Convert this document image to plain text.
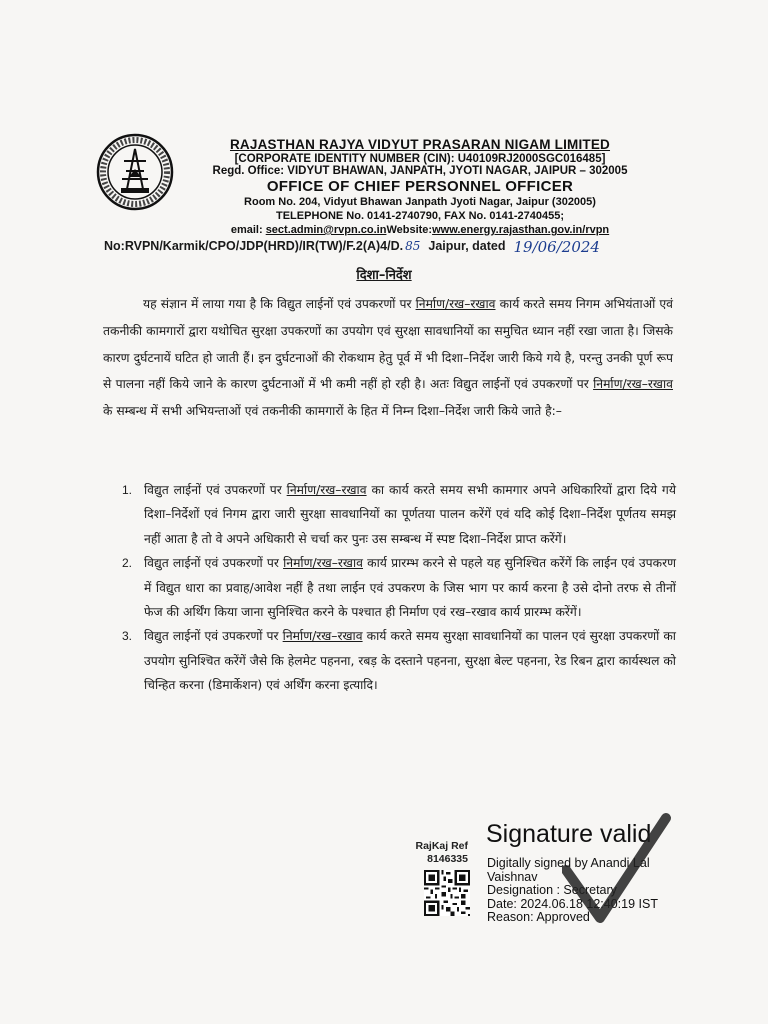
RAJASTHAN RAJYA VIDYUT PRASARAN NIGAM LIMITED
[CORPORATE IDENTITY NUMBER (CIN): U40109RJ2000SGC016485]
Regd. Office: VIDYUT BHAWAN, JANPATH, JYOTI NAGAR, JAIPUR – 302005
OFFICE OF CHIEF PERSONNEL OFFICER
Room No. 204, Vidyut Bhawan Janpath Jyoti Nagar, Jaipur (302005)
TELEPHONE No. 0141-2740790, FAX No. 0141-2740455;
email: sect.admin@rvpn.co.inWebsite:www.energy.rajasthan.gov.in/rvpn
No:RVPN/Karmik/CPO/JDP(HRD)/IR(TW)/F.2(A)4/D. 85 Jaipur, dated 19/06/2024
दिशा–निर्देश
यह संज्ञान में लाया गया है कि विद्युत लाईनों एवं उपकरणों पर निर्माण/रख–रखाव कार्य करते समय निगम अभियंताओं एवं तकनीकी कामगारों द्वारा यथोचित सुरक्षा उपकरणों का उपयोग एवं सुरक्षा सावधानियों का समुचित ध्यान नहीं रखा जाता है। जिसके कारण दुर्घटनायें घटित हो जाती हैं। इन दुर्घटनाओं की रोकथाम हेतु पूर्व में भी दिशा–निर्देश जारी किये गये है, परन्तु उनकी पूर्ण रूप से पालना नहीं किये जाने के कारण दुर्घटनाओं में भी कमी नहीं हो रही है। अतः विद्युत लाईनों एवं उपकरणों पर निर्माण/रख–रखाव के सम्बन्ध में सभी अभियन्ताओं एवं तकनीकी कामगारों के हित में निम्न दिशा–निर्देश जारी किये जाते है:–
1. विद्युत लाईनों एवं उपकरणों पर निर्माण/रख–रखाव का कार्य करते समय सभी कामगार अपने अधिकारियों द्वारा दिये गये दिशा–निर्देशों एवं निगम द्वारा जारी सुरक्षा सावधानियों का पूर्णतया पालन करेंगें एवं यदि कोई दिशा–निर्देश पूर्णतय समझ नहीं आता है तो वे अपने अधिकारी से चर्चा कर पुनः उस सम्बन्ध में स्पष्ट दिशा–निर्देश प्राप्त करेंगें।
2. विद्युत लाईनों एवं उपकरणों पर निर्माण/रख–रखाव कार्य प्रारम्भ करने से पहले यह सुनिश्चित करेंगें कि लाईन एवं उपकरण में विद्युत धारा का प्रवाह/आवेश नहीं है तथा लाईन एवं उपकरण के जिस भाग पर कार्य करना है उसे दोनो तरफ से तीनों फेज की अर्थिंग किया जाना सुनिश्चित करने के पश्चात ही निर्माण एवं रख–रखाव कार्य प्रारम्भ करेंगें।
3. विद्युत लाईनों एवं उपकरणों पर निर्माण/रख–रखाव कार्य करते समय सुरक्षा सावधानियों का पालन एवं सुरक्षा उपकरणों का उपयोग सुनिश्चित करेंगें जैसे कि हेलमेट पहनना, रबड़ के दस्ताने पहनना, सुरक्षा बेल्ट पहनना, रेड रिबन द्वारा कार्यस्थल को चिन्हित करना (डिमार्केशन) एवं अर्थिंग करना इत्यादि।
RajKaj Ref
8146335
Signature valid
Digitally signed by Anandi Lal
Vaishnav
Designation : Secretary
Date: 2024.06.18 12:40:19 IST
Reason: Approved
